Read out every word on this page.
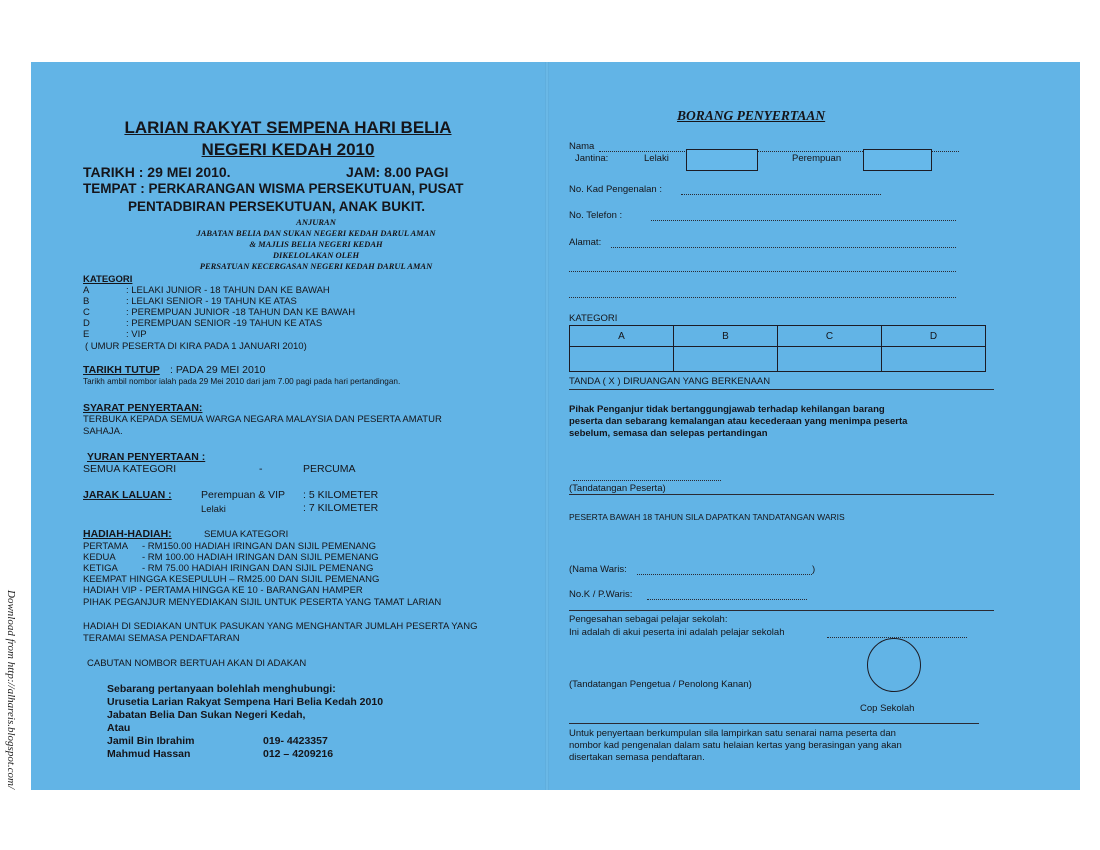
LARIAN RAKYAT SEMPENA HARI BELIA
NEGERI KEDAH 2010
TARIKH : 29 MEI 2010.	JAM: 8.00 PAGI
TEMPAT : PERKARANGAN WISMA PERSEKUTUAN, PUSAT
PENTADBIRAN PERSEKUTUAN, ANAK BUKIT.
ANJURAN
JABATAN BELIA DAN SUKAN NEGERI KEDAH DARUL AMAN
& MAJLIS BELIA NEGERI KEDAH
DIKELOLAKAN OLEH
PERSATUAN KECERGASAN NEGERI KEDAH DARUL AMAN
KATEGORI
A	: LELAKI JUNIOR - 18 TAHUN DAN KE BAWAH
B	: LELAKI SENIOR - 19 TAHUN KE ATAS
C	: PEREMPUAN JUNIOR -18 TAHUN DAN KE BAWAH
D	: PEREMPUAN SENIOR -19 TAHUN KE ATAS
E	: VIP
( UMUR PESERTA DI KIRA PADA 1 JANUARI 2010)
TARIKH TUTUP : PADA 29 MEI 2010
Tarikh ambil nombor ialah pada 29 Mei 2010 dari jam 7.00 pagi pada hari pertandingan.
SYARAT PENYERTAAN:
TERBUKA KEPADA SEMUA WARGA NEGARA MALAYSIA DAN PESERTA AMATUR
SAHAJA.
YURAN PENYERTAAN :
SEMUA KATEGORI	-	PERCUMA
JARAK LALUAN :	Perempuan & VIP : 5 KILOMETER
Lelaki	: 7 KILOMETER
HADIAH-HADIAH:	SEMUA KATEGORI
PERTAMA - RM150.00 HADIAH IRINGAN DAN SIJIL PEMENANG
KEDUA	- RM 100.00 HADIAH IRINGAN DAN SIJIL PEMENANG
KETIGA	- RM 75.00 HADIAH IRINGAN DAN SIJIL PEMENANG
KEEMPAT HINGGA KESEPULUH – RM25.00 DAN SIJIL PEMENANG
HADIAH VIP - PERTAMA HINGGA KE 10 - BARANGAN HAMPER
PIHAK PEGANJUR MENYEDIAKAN SIJIL UNTUK PESERTA YANG TAMAT LARIAN
HADIAH DI SEDIAKAN UNTUK PASUKAN YANG MENGHANTAR JUMLAH PESERTA YANG
TERAMAI SEMASA PENDAFTARAN
CABUTAN NOMBOR BERTUAH AKAN DI ADAKAN
Sebarang pertanyaan bolehlah menghubungi:
Urusetia Larian Rakyat Sempena Hari Belia Kedah 2010
Jabatan Belia Dan Sukan Negeri Kedah,
Atau
Jamil Bin Ibrahim	019- 4423357
Mahmud Hassan	012 – 4209216
BORANG PENYERTAAN
Nama
Jantina:	Lelaki	Perempuan
No. Kad Pengenalan :
No. Telefon :
Alamat:
KATEGORI
A	B	C	D

TANDA ( X ) DIRUANGAN YANG BERKENAAN
Pihak Penganjur tidak bertanggungjawab terhadap kehilangan barang
peserta dan sebarang kemalangan atau kecederaan yang menimpa peserta
sebelum, semasa dan selepas pertandingan
(Tandatangan Peserta)
PESERTA BAWAH 18 TAHUN SILA DAPATKAN TANDATANGAN WARIS
(Nama Waris:	)
No.K / P.Waris:
Pengesahan sebagai pelajar sekolah:
Ini adalah di akui peserta ini adalah pelajar sekolah
(Tandatangan Pengetua / Penolong Kanan)
Cop Sekolah
Untuk penyertaan berkumpulan sila lampirkan satu senarai nama peserta dan
nombor kad pengenalan dalam satu helaian kertas yang berasingan yang akan
disertakan semasa pendaftaran.
Download from http://alhareis.blogspot.com/
